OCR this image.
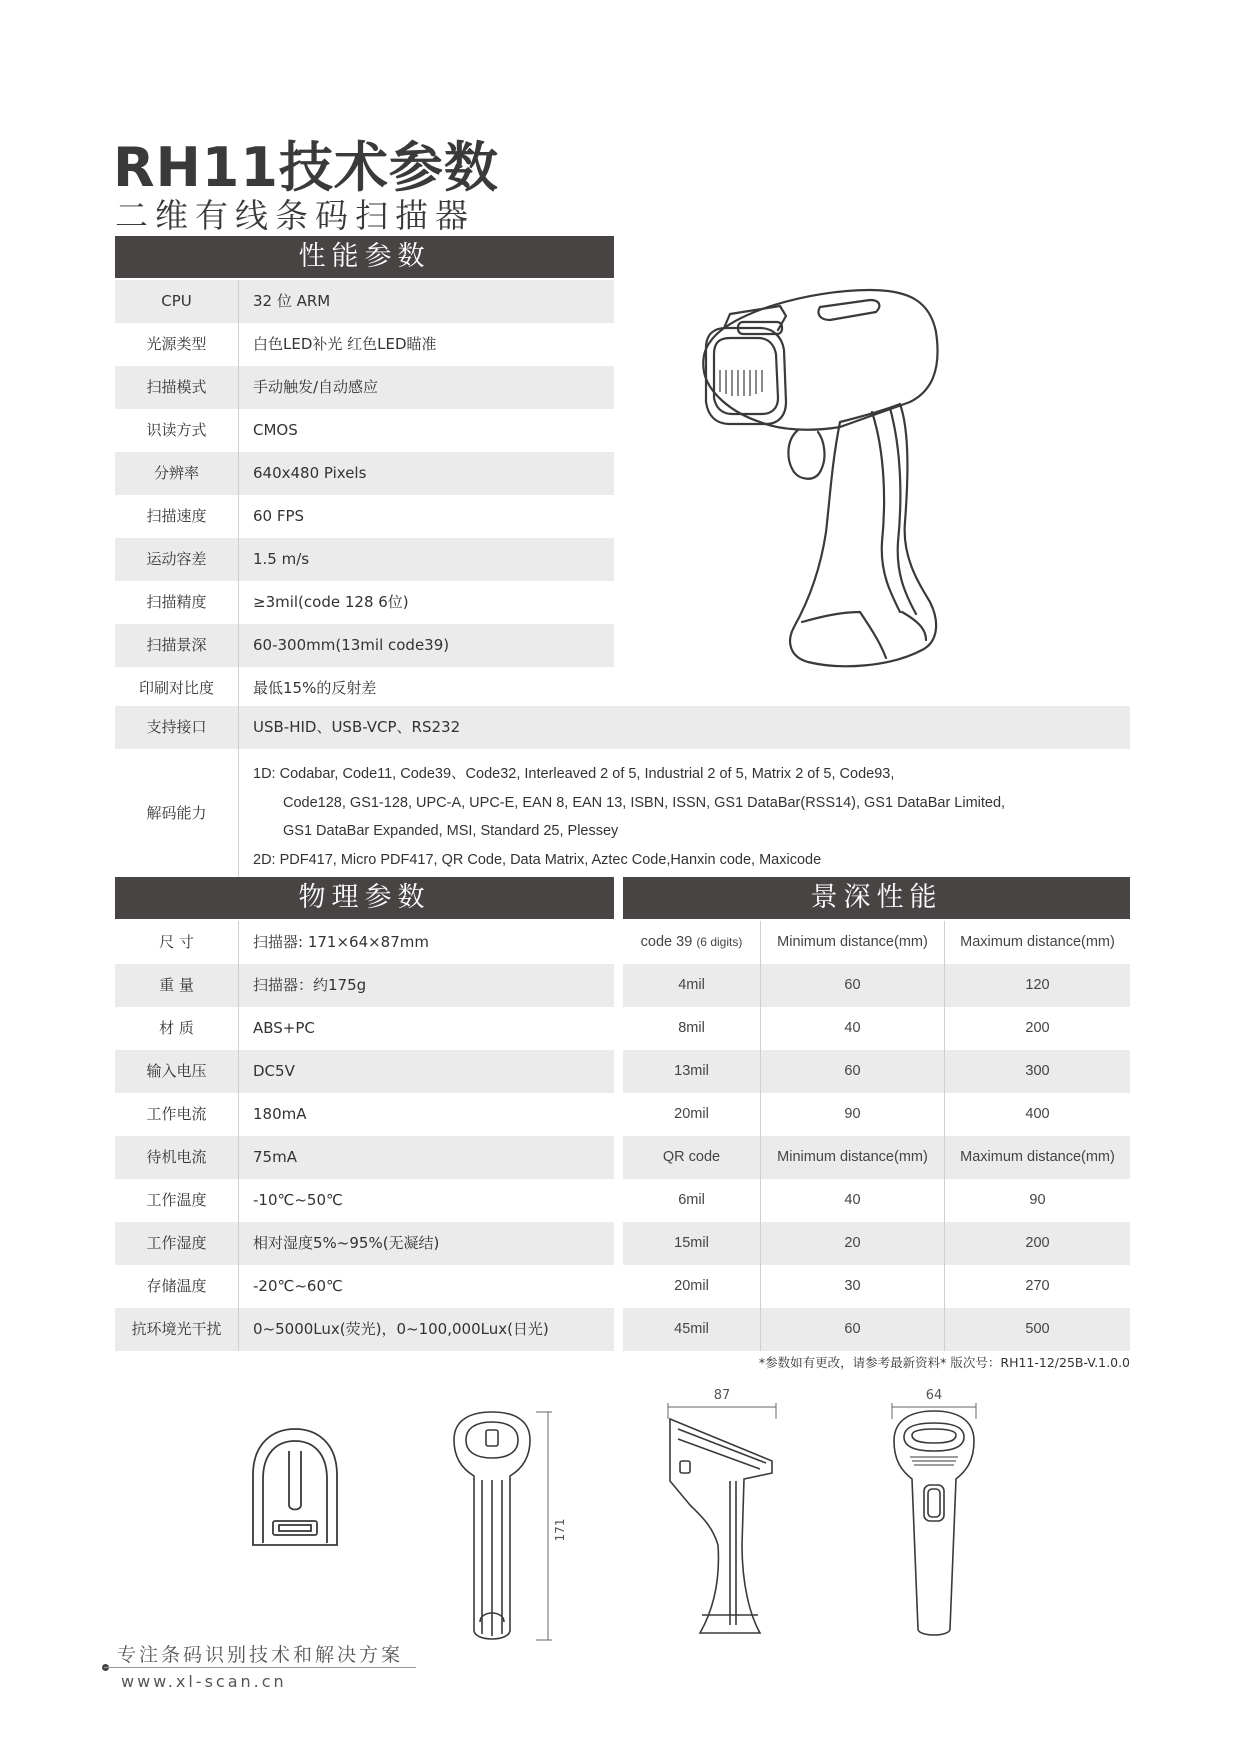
RH11技术参数
二维有线条码扫描器
性能参数
CPU	32 位 ARM
光源类型	白色LED补光 红色LED瞄准
扫描模式	手动触发/自动感应
识读方式	CMOS
分辨率	640x480 Pixels
扫描速度	60 FPS
运动容差	1.5 m/s
扫描精度	≥3mil(code 128 6位)
扫描景深	60-300mm(13mil code39)
印刷对比度	最低15%的反射差
支持接口	USB-HID、USB-VCP、RS232
解码能力
1D: Codabar, Code11, Code39、Code32, Interleaved 2 of 5, Industrial 2 of 5, Matrix 2 of 5, Code93,
Code128, GS1-128, UPC-A, UPC-E, EAN 8, EAN 13, ISBN, ISSN, GS1 DataBar(RSS14), GS1 DataBar Limited,
GS1 DataBar Expanded, MSI, Standard 25, Plessey
2D: PDF417, Micro PDF417, QR Code, Data Matrix, Aztec Code,Hanxin code, Maxicode
物理参数	景深性能
尺 寸	扫描器: 171×64×87mm
重 量	扫描器：约175g
材 质	ABS+PC
输入电压	DC5V
工作电流	180mA
待机电流	75mA
工作温度	-10℃~50℃
工作湿度	相对湿度5%~95%(无凝结)
存储温度	-20℃~60℃
抗环境光干扰	0~5000Lux(荧光)，0~100,000Lux(日光)
code 39 (6 digits)	Minimum distance(mm)	Maximum distance(mm)
4mil	60	120
8mil	40	200
13mil	60	300
20mil	90	400
QR code	Minimum distance(mm)	Maximum distance(mm)
6mil	40	90
15mil	20	200
20mil	30	270
45mil	60	500
*参数如有更改，请参考最新资料* 版次号：RH11-12/25B-V.1.0.0
171
87	64
专注条码识别技术和解决方案
www.xl-scan.cn
